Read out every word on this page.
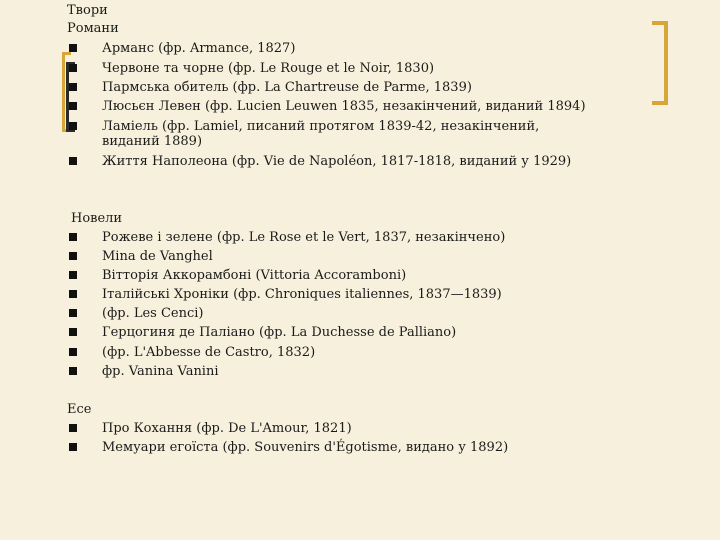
Твори
Романи
Арманс (фр. Armance, 1827)
Червоне та чорне (фр. Le Rouge et le Noir, 1830)
Пармська обитель (фр. La Chartreuse de Parme, 1839)
Люсьєн Левен (фр. Lucien Leuwen 1835, незакінчений, виданий 1894)
Ламіель (фр. Lamiel, писаний протягом 1839-42, незакінчений, виданий 1889)
Життя Наполеона (фр. Vie de Napoléon, 1817-1818, виданий у 1929)
Новели
Рожеве і зелене (фр. Le Rose et le Vert, 1837, незакінчено)
Mina de Vanghel
Вітторія Аккорамбоні (Vittoria Accoramboni)
Італійські Хроніки (фр. Chroniques italiennes, 1837—1839)
(фр. Les Cenci)
Герцогиня де Паліано (фр. La Duchesse de Palliano)
(фр. L'Abbesse de Castro, 1832)
фр. Vanina Vanini
Есе
Про Кохання (фр. De L'Amour, 1821)
Мемуари егоїста (фр. Souvenirs d'Égotisme, видано у 1892)
